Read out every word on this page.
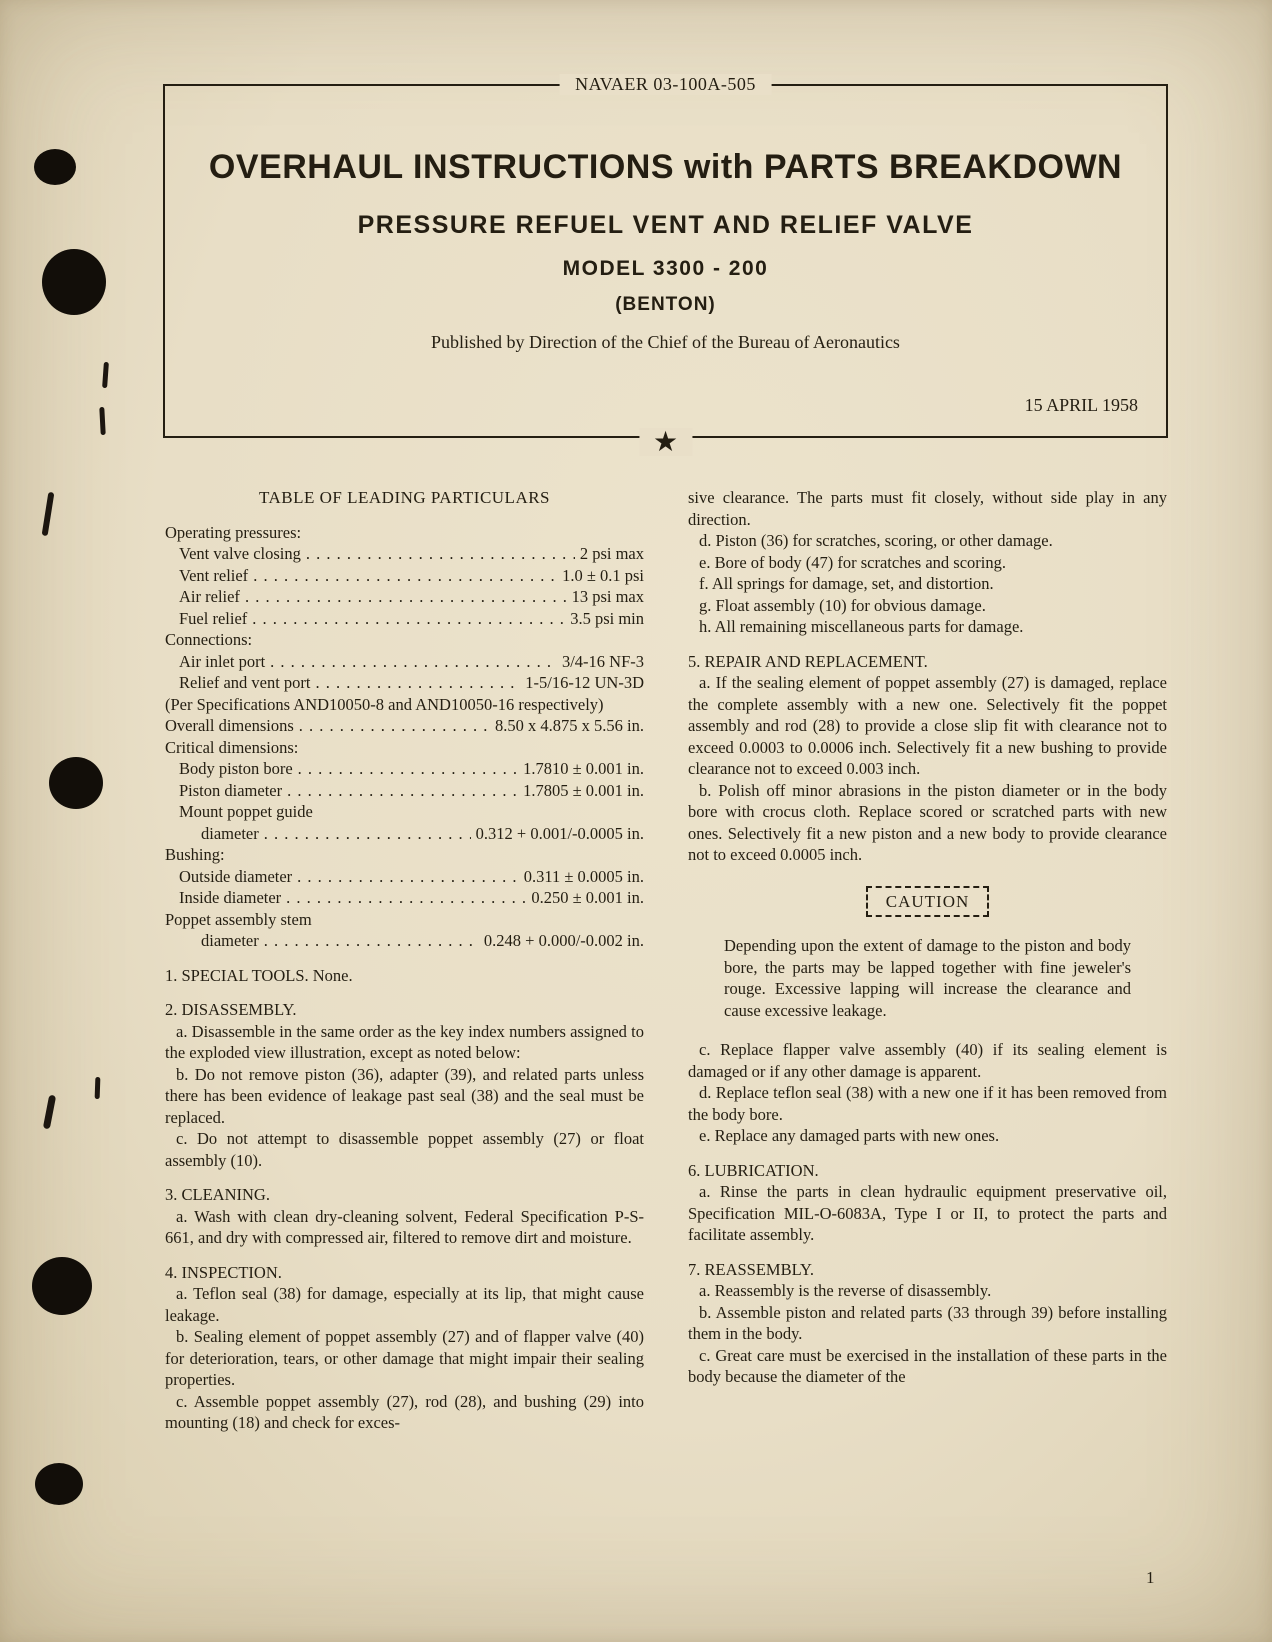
NAVAER 03-100A-505
OVERHAUL INSTRUCTIONS with PARTS BREAKDOWN
PRESSURE REFUEL VENT AND RELIEF VALVE
MODEL 3300 - 200
(BENTON)
Published by Direction of the Chief of the Bureau of Aeronautics
15 APRIL 1958
★
TABLE OF LEADING PARTICULARS
Operating pressures:
Vent valve closing . . .	2 psi max
Vent relief . . .	1.0 ± 0.1 psi
Air relief . . .	13 psi max
Fuel relief . . .	3.5 psi min
Connections:
Air inlet port . . .	3/4-16 NF-3
Relief and vent port . . .	1-5/16-12 UN-3D
(Per Specifications AND10050-8 and AND10050-16 respectively)
Overall dimensions . . .	8.50 x 4.875 x 5.56 in.
Critical dimensions:
Body piston bore . . .	1.7810 ± 0.001 in.
Piston diameter . . .	1.7805 ± 0.001 in.
Mount poppet guide
diameter . . .	0.312 + 0.001/-0.0005 in.
Bushing:
Outside diameter . . .	0.311 ± 0.0005 in.
Inside diameter . . .	0.250 ± 0.001 in.
Poppet assembly stem
diameter . . .	0.248 + 0.000/-0.002 in.

1. SPECIAL TOOLS. None.

2. DISASSEMBLY.

a. Disassemble in the same order as the key index numbers assigned to the exploded view illustration, except as noted below:

b. Do not remove piston (36), adapter (39), and related parts unless there has been evidence of leakage past seal (38) and the seal must be replaced.

c. Do not attempt to disassemble poppet assembly (27) or float assembly (10).

3. CLEANING.

a. Wash with clean dry-cleaning solvent, Federal Specification P-S-661, and dry with compressed air, filtered to remove dirt and moisture.

4. INSPECTION.

a. Teflon seal (38) for damage, especially at its lip, that might cause leakage.

b. Sealing element of poppet assembly (27) and of flapper valve (40) for deterioration, tears, or other damage that might impair their sealing properties.

c. Assemble poppet assembly (27), rod (28), and bushing (29) into mounting (18) and check for exces-

sive clearance. The parts must fit closely, without side play in any direction.

d. Piston (36) for scratches, scoring, or other damage.

e. Bore of body (47) for scratches and scoring.

f. All springs for damage, set, and distortion.

g. Float assembly (10) for obvious damage.

h. All remaining miscellaneous parts for damage.

5. REPAIR AND REPLACEMENT.

a. If the sealing element of poppet assembly (27) is damaged, replace the complete assembly with a new one. Selectively fit the poppet assembly and rod (28) to provide a close slip fit with clearance not to exceed 0.0003 to 0.0006 inch. Selectively fit a new bushing to provide clearance not to exceed 0.003 inch.

b. Polish off minor abrasions in the piston diameter or in the body bore with crocus cloth. Replace scored or scratched parts with new ones. Selectively fit a new piston and a new body to provide clearance not to exceed 0.0005 inch.

CAUTION

Depending upon the extent of damage to the piston and body bore, the parts may be lapped together with fine jeweler's rouge. Excessive lapping will increase the clearance and cause excessive leakage.

c. Replace flapper valve assembly (40) if its sealing element is damaged or if any other damage is apparent.

d. Replace teflon seal (38) with a new one if it has been removed from the body bore.

e. Replace any damaged parts with new ones.

6. LUBRICATION.

a. Rinse the parts in clean hydraulic equipment preservative oil, Specification MIL-O-6083A, Type I or II, to protect the parts and facilitate assembly.

7. REASSEMBLY.

a. Reassembly is the reverse of disassembly.

b. Assemble piston and related parts (33 through 39) before installing them in the body.

c. Great care must be exercised in the installation of these parts in the body because the diameter of the

1
